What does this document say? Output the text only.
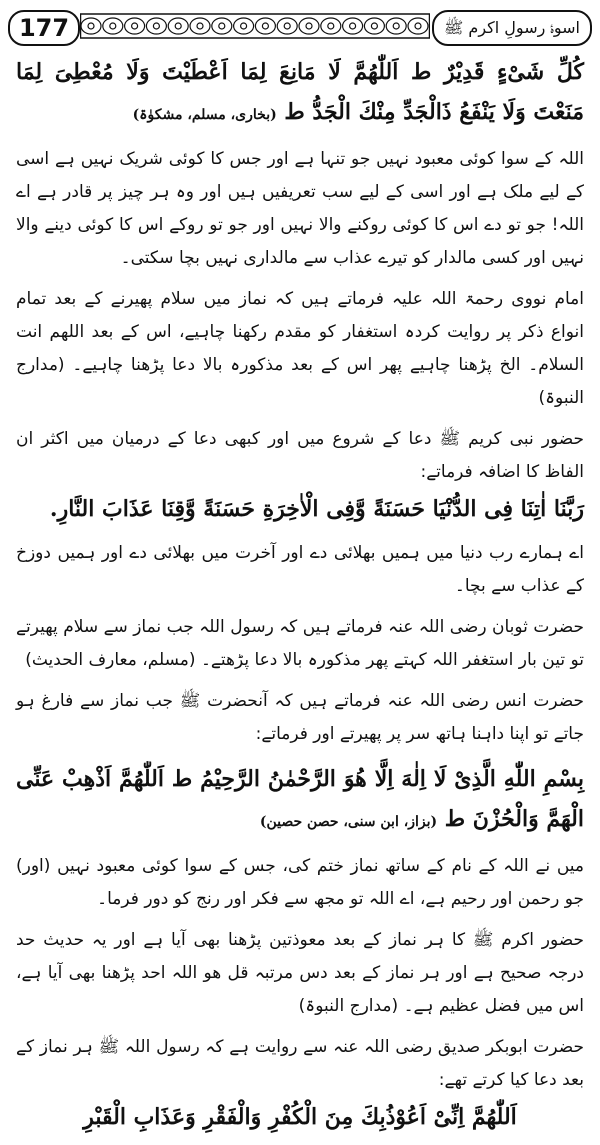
177	اسوۂ رسولِ اکرم ﷺ

كُلِّ شَىْءٍ قَدِيْرٌ ط اَللّٰهُمَّ لَا مَانِعَ لِمَا اَعْطَيْتَ وَلَا مُعْطِىَ لِمَا مَنَعْتَ وَلَا يَنْفَعُ ذَالْجَدِّ مِنْكَ الْجَدُّ ط (بخاری، مسلم، مشکوٰۃ)

اللہ کے سوا کوئی معبود نہیں جو تنہا ہے اور جس کا کوئی شریک نہیں ہے اسی کے لیے ملک ہے اور اسی کے لیے سب تعریفیں ہیں اور وہ ہر چیز پر قادر ہے اے اللہ! جو تو دے اس کا کوئی روکنے والا نہیں اور جو تو روکے اس کا کوئی دینے والا نہیں اور کسی مالدار کو تیرے عذاب سے مالداری نہیں بچا سکتی۔

امام نووی رحمۃ اللہ علیہ فرماتے ہیں کہ نماز میں سلام پھیرنے کے بعد تمام انواع ذکر پر روایت کردہ استغفار کو مقدم رکھنا چاہیے، اس کے بعد اللھم انت السلام۔ الخ پڑھنا چاہیے پھر اس کے بعد مذکورہ بالا دعا پڑھنا چاہیے۔ (مدارج النبوۃ)

حضور نبی کریم ﷺ دعا کے شروع میں اور کبھی دعا کے درمیان میں اکثر ان الفاظ کا اضافہ فرماتے:

رَبَّنَا اٰتِنَا فِى الدُّنْيَا حَسَنَةً وَّفِى الْاٰخِرَةِ حَسَنَةً وَّقِنَا عَذَابَ النَّارِ.

اے ہمارے رب دنیا میں ہمیں بھلائی دے اور آخرت میں بھلائی دے اور ہمیں دوزخ کے عذاب سے بچا۔

حضرت ثوبان رضی اللہ عنہ فرماتے ہیں کہ رسول اللہ جب نماز سے سلام پھیرتے تو تین بار استغفر اللہ کہتے پھر مذکورہ بالا دعا پڑھتے۔ (مسلم، معارف الحدیث)

حضرت انس رضی اللہ عنہ فرماتے ہیں کہ آنحضرت ﷺ جب نماز سے فارغ ہو جاتے تو اپنا داہنا ہاتھ سر پر پھیرتے اور فرماتے:

بِسْمِ اللّٰهِ الَّذِىْ لَا اِلٰهَ اِلَّا هُوَ الرَّحْمٰنُ الرَّحِيْمُ ط اَللّٰهُمَّ اَذْهِبْ عَنِّى الْهَمَّ وَالْحُزْنَ ط (بزاز، ابن سنی، حصن حصین)

میں نے اللہ کے نام کے ساتھ نماز ختم کی، جس کے سوا کوئی معبود نہیں (اور) جو رحمن اور رحیم ہے، اے اللہ تو مجھ سے فکر اور رنج کو دور فرما۔

حضور اکرم ﷺ کا ہر نماز کے بعد معوذتین پڑھنا بھی آیا ہے اور یہ حدیث حد درجہ صحیح ہے اور ہر نماز کے بعد دس مرتبہ قل ھو اللہ احد پڑھنا بھی آیا ہے، اس میں فضل عظیم ہے۔ (مدارج النبوۃ)

حضرت ابوبکر صدیق رضی اللہ عنہ سے روایت ہے کہ رسول اللہ ﷺ ہر نماز کے بعد دعا کیا کرتے تھے:

اَللّٰهُمَّ اِنِّىْ اَعُوْذُبِكَ مِنَ الْكُفْرِ وَالْفَقْرِ وَعَذَابِ الْقَبْرِ
